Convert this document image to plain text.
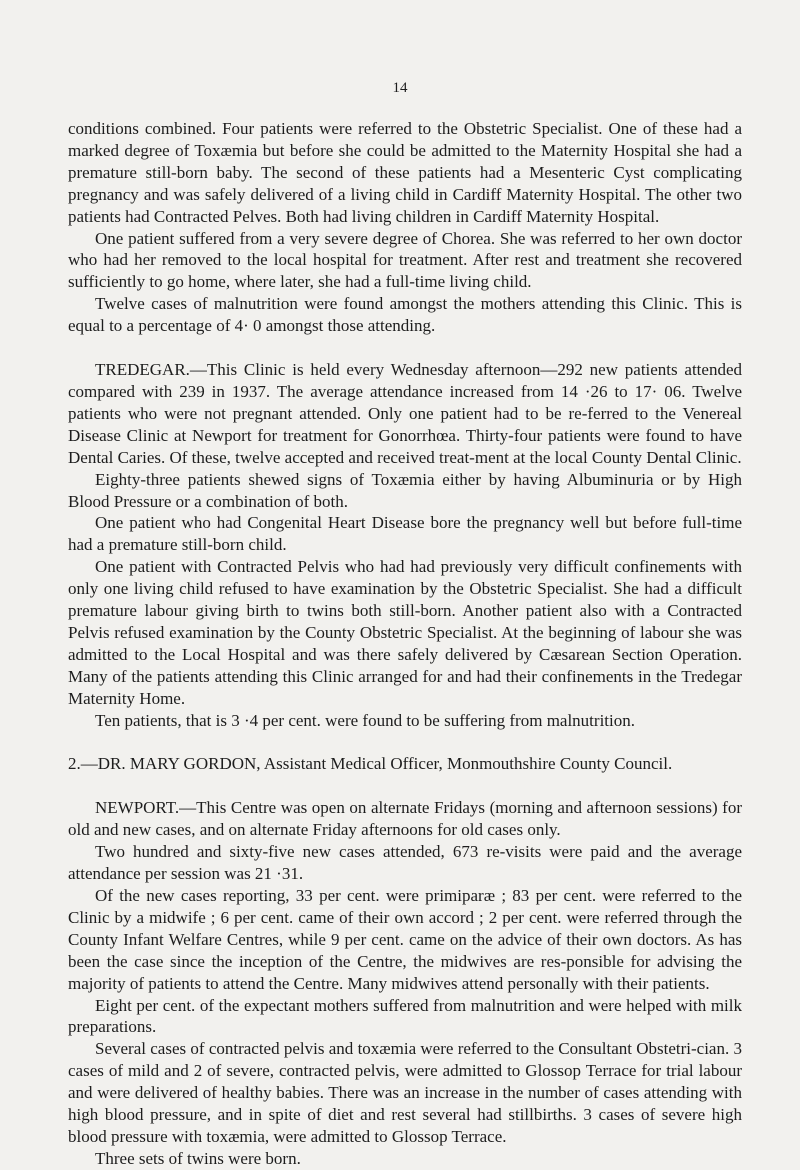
14

conditions combined. Four patients were referred to the Obstetric Specialist. One of these had a marked degree of Toxæmia but before she could be admitted to the Maternity Hospital she had a premature still-born baby. The second of these patients had a Mesenteric Cyst complicating pregnancy and was safely delivered of a living child in Cardiff Maternity Hospital. The other two patients had Contracted Pelves. Both had living children in Cardiff Maternity Hospital.

One patient suffered from a very severe degree of Chorea. She was referred to her own doctor who had her removed to the local hospital for treatment. After rest and treatment she recovered sufficiently to go home, where later, she had a full-time living child.

Twelve cases of malnutrition were found amongst the mothers attending this Clinic. This is equal to a percentage of 4· 0 amongst those attending.

TREDEGAR.—This Clinic is held every Wednesday afternoon—292 new patients attended compared with 239 in 1937. The average attendance increased from 14 ·26 to 17· 06. Twelve patients who were not pregnant attended. Only one patient had to be re-ferred to the Venereal Disease Clinic at Newport for treatment for Gonorrhœa. Thirty-four patients were found to have Dental Caries. Of these, twelve accepted and received treat-ment at the local County Dental Clinic.

Eighty-three patients shewed signs of Toxæmia either by having Albuminuria or by High Blood Pressure or a combination of both.

One patient who had Congenital Heart Disease bore the pregnancy well but before full-time had a premature still-born child.

One patient with Contracted Pelvis who had had previously very difficult confinements with only one living child refused to have examination by the Obstetric Specialist. She had a difficult premature labour giving birth to twins both still-born. Another patient also with a Contracted Pelvis refused examination by the County Obstetric Specialist. At the beginning of labour she was admitted to the Local Hospital and was there safely delivered by Cæsarean Section Operation. Many of the patients attending this Clinic arranged for and had their confinements in the Tredegar Maternity Home.

Ten patients, that is 3 ·4 per cent. were found to be suffering from malnutrition.

2.—DR. MARY GORDON, Assistant Medical Officer, Monmouthshire County Council.

NEWPORT.—This Centre was open on alternate Fridays (morning and afternoon sessions) for old and new cases, and on alternate Friday afternoons for old cases only.

Two hundred and sixty-five new cases attended, 673 re-visits were paid and the average attendance per session was 21 ·31.

Of the new cases reporting, 33 per cent. were primiparæ ; 83 per cent. were referred to the Clinic by a midwife ; 6 per cent. came of their own accord ; 2 per cent. were referred through the County Infant Welfare Centres, while 9 per cent. came on the advice of their own doctors. As has been the case since the inception of the Centre, the midwives are res-ponsible for advising the majority of patients to attend the Centre. Many midwives attend personally with their patients.

Eight per cent. of the expectant mothers suffered from malnutrition and were helped with milk preparations.

Several cases of contracted pelvis and toxæmia were referred to the Consultant Obstetri-cian. 3 cases of mild and 2 of severe, contracted pelvis, were admitted to Glossop Terrace for trial labour and were delivered of healthy babies. There was an increase in the number of cases attending with high blood pressure, and in spite of diet and rest several had stillbirths. 3 cases of severe high blood pressure with toxæmia, were admitted to Glossop Terrace.

Three sets of twins were born.
